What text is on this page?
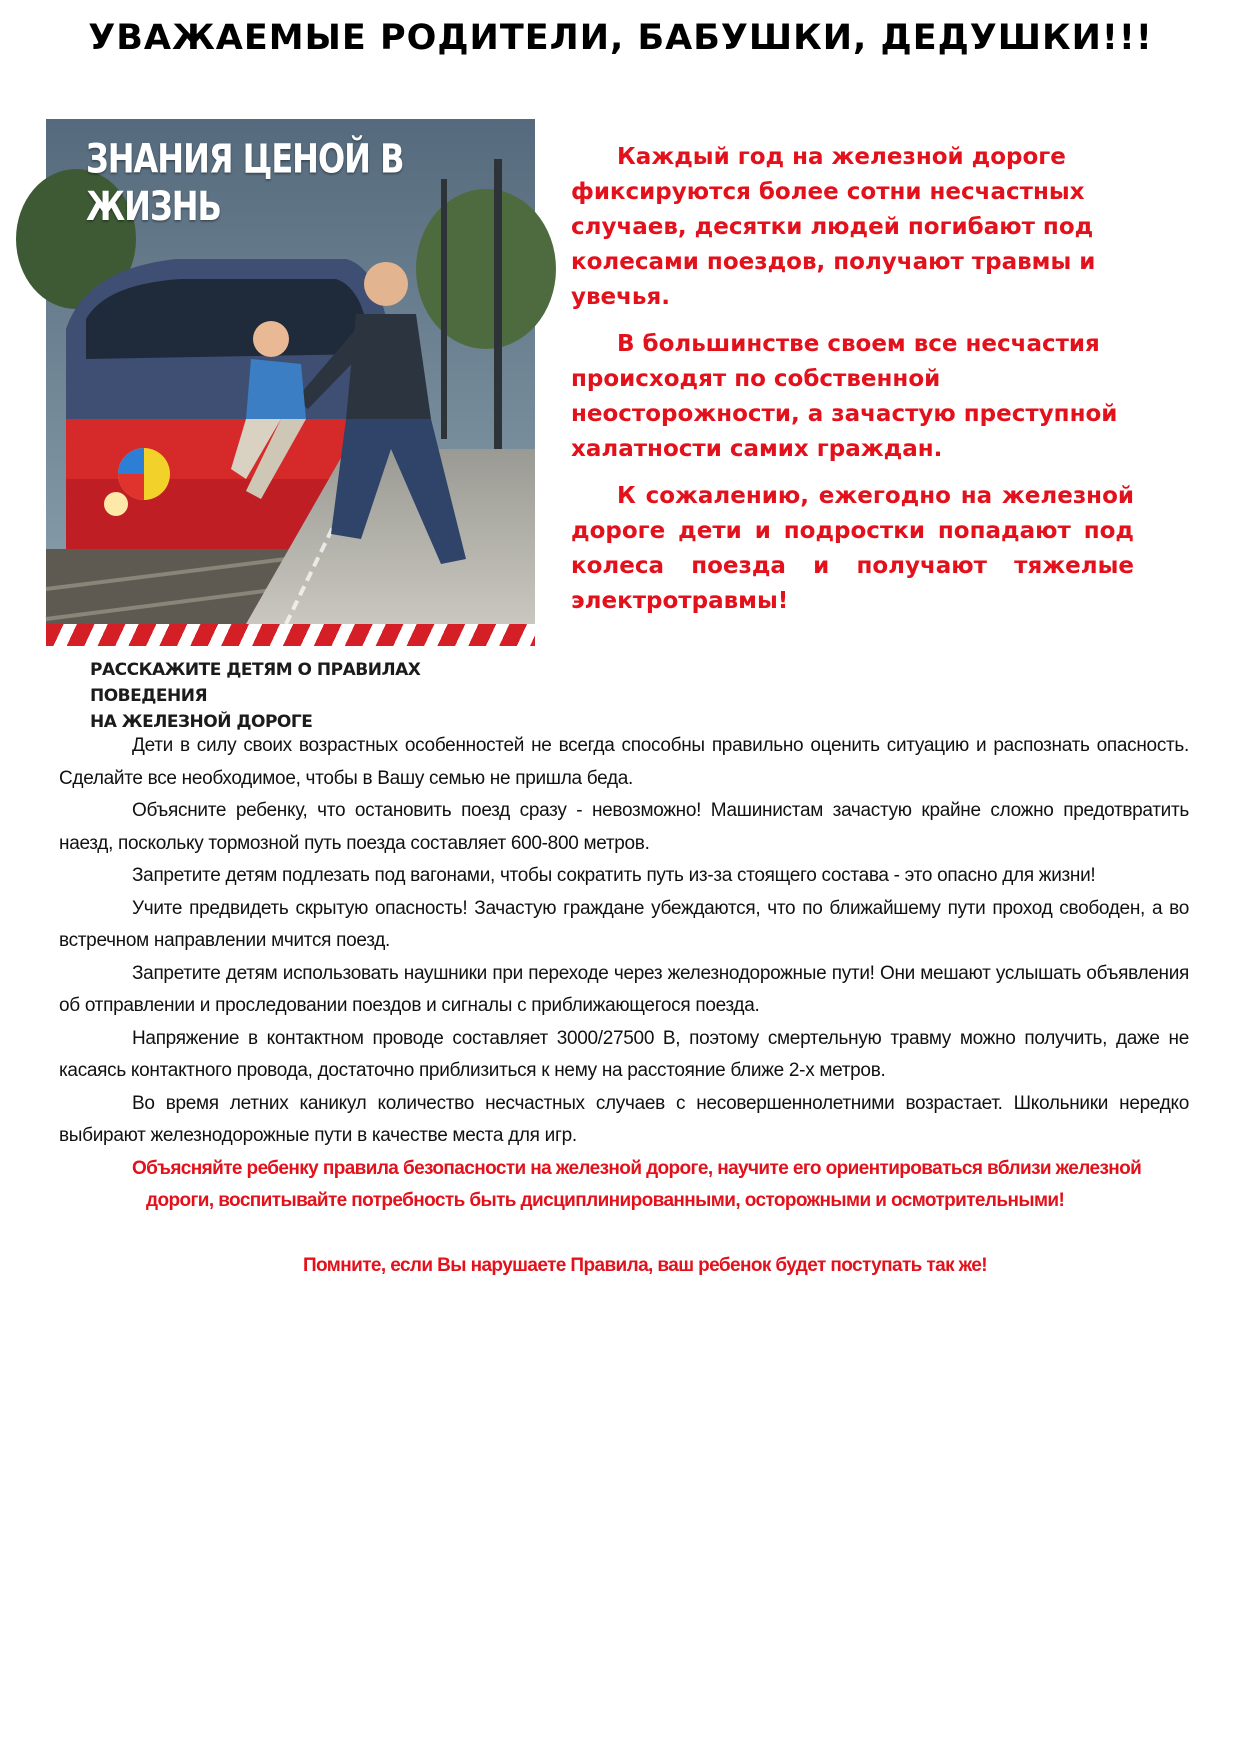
УВАЖАЕМЫЕ РОДИТЕЛИ, БАБУШКИ, ДЕДУШКИ!!!
ЗНАНИЯ ЦЕНОЙ В ЖИЗНЬ
РАССКАЖИТЕ ДЕТЯМ О ПРАВИЛАХ ПОВЕДЕНИЯ
НА ЖЕЛЕЗНОЙ ДОРОГЕ

Каждый год на железной дороге фиксируются более сотни несчастных случаев, десятки людей погибают под колесами поездов, получают травмы и увечья.

В большинстве своем все несчастия происходят по собственной неосторожности, а зачастую преступной халатности самих граждан.

К сожалению, ежегодно на железной дороге дети и подростки попадают под колеса поезда и получают тяжелые электротравмы!

Дети в силу своих возрастных особенностей не всегда способны правильно оценить ситуацию и распознать опасность. Сделайте все необходимое, чтобы в Вашу семью не пришла беда.

Объясните ребенку, что остановить поезд сразу - невозможно! Машинистам зачастую крайне сложно предотвратить наезд, поскольку тормозной путь поезда составляет 600-800 метров.

Запретите детям подлезать под вагонами, чтобы сократить путь из-за стоящего состава - это опасно для жизни!

Учите предвидеть скрытую опасность! Зачастую граждане убеждаются, что по ближайшему пути проход свободен, а во встречном направлении мчится поезд.

Запретите детям использовать наушники при переходе через железнодорожные пути! Они мешают услышать объявления об отправлении и проследовании поездов и сигналы с приближающегося поезда.

Напряжение в контактном проводе составляет 3000/27500 В, поэтому смертельную травму можно получить, даже не касаясь контактного провода, достаточно приблизиться к нему на расстояние ближе 2-х метров.

Во время летних каникул количество несчастных случаев с несовершеннолетними возрастает. Школьники нередко выбирают железнодорожные пути в качестве места для игр.

Объясняйте ребенку правила безопасности на железной дороге, научите его ориентироваться вблизи железной
дороги, воспитывайте потребность быть дисциплинированными, осторожными и осмотрительными!
Помните, если Вы нарушаете Правила, ваш ребенок будет поступать так же!
